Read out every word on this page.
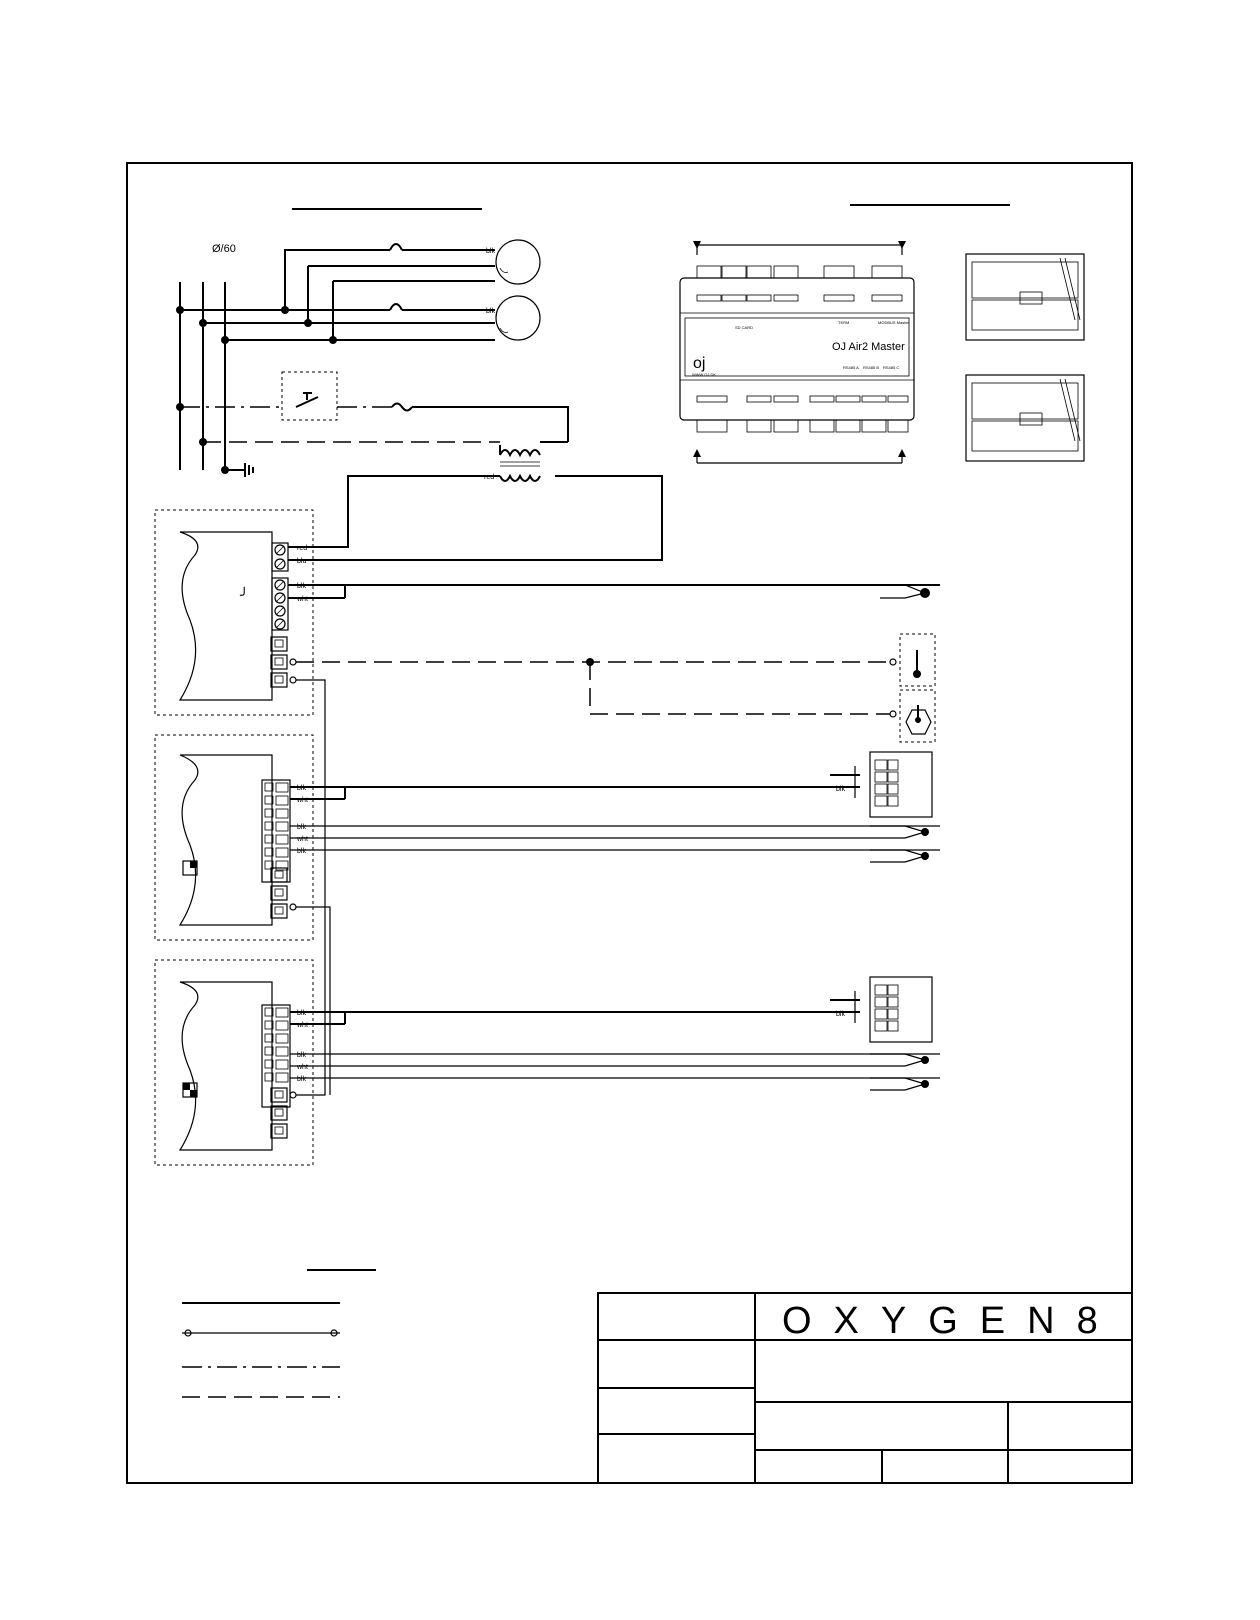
Ø/60	blk
blk
red
╯
red
blu
blk
wht
blk
wht
blk
wht
blk
blk
blk
wht
blk
wht
blk
blk
OJ Air2 Master
oj
WWW.OJ.DK
SD CARD
TERM	MODBUS Master
RS485 A RS485 B RS485 C
OXYGEN8
